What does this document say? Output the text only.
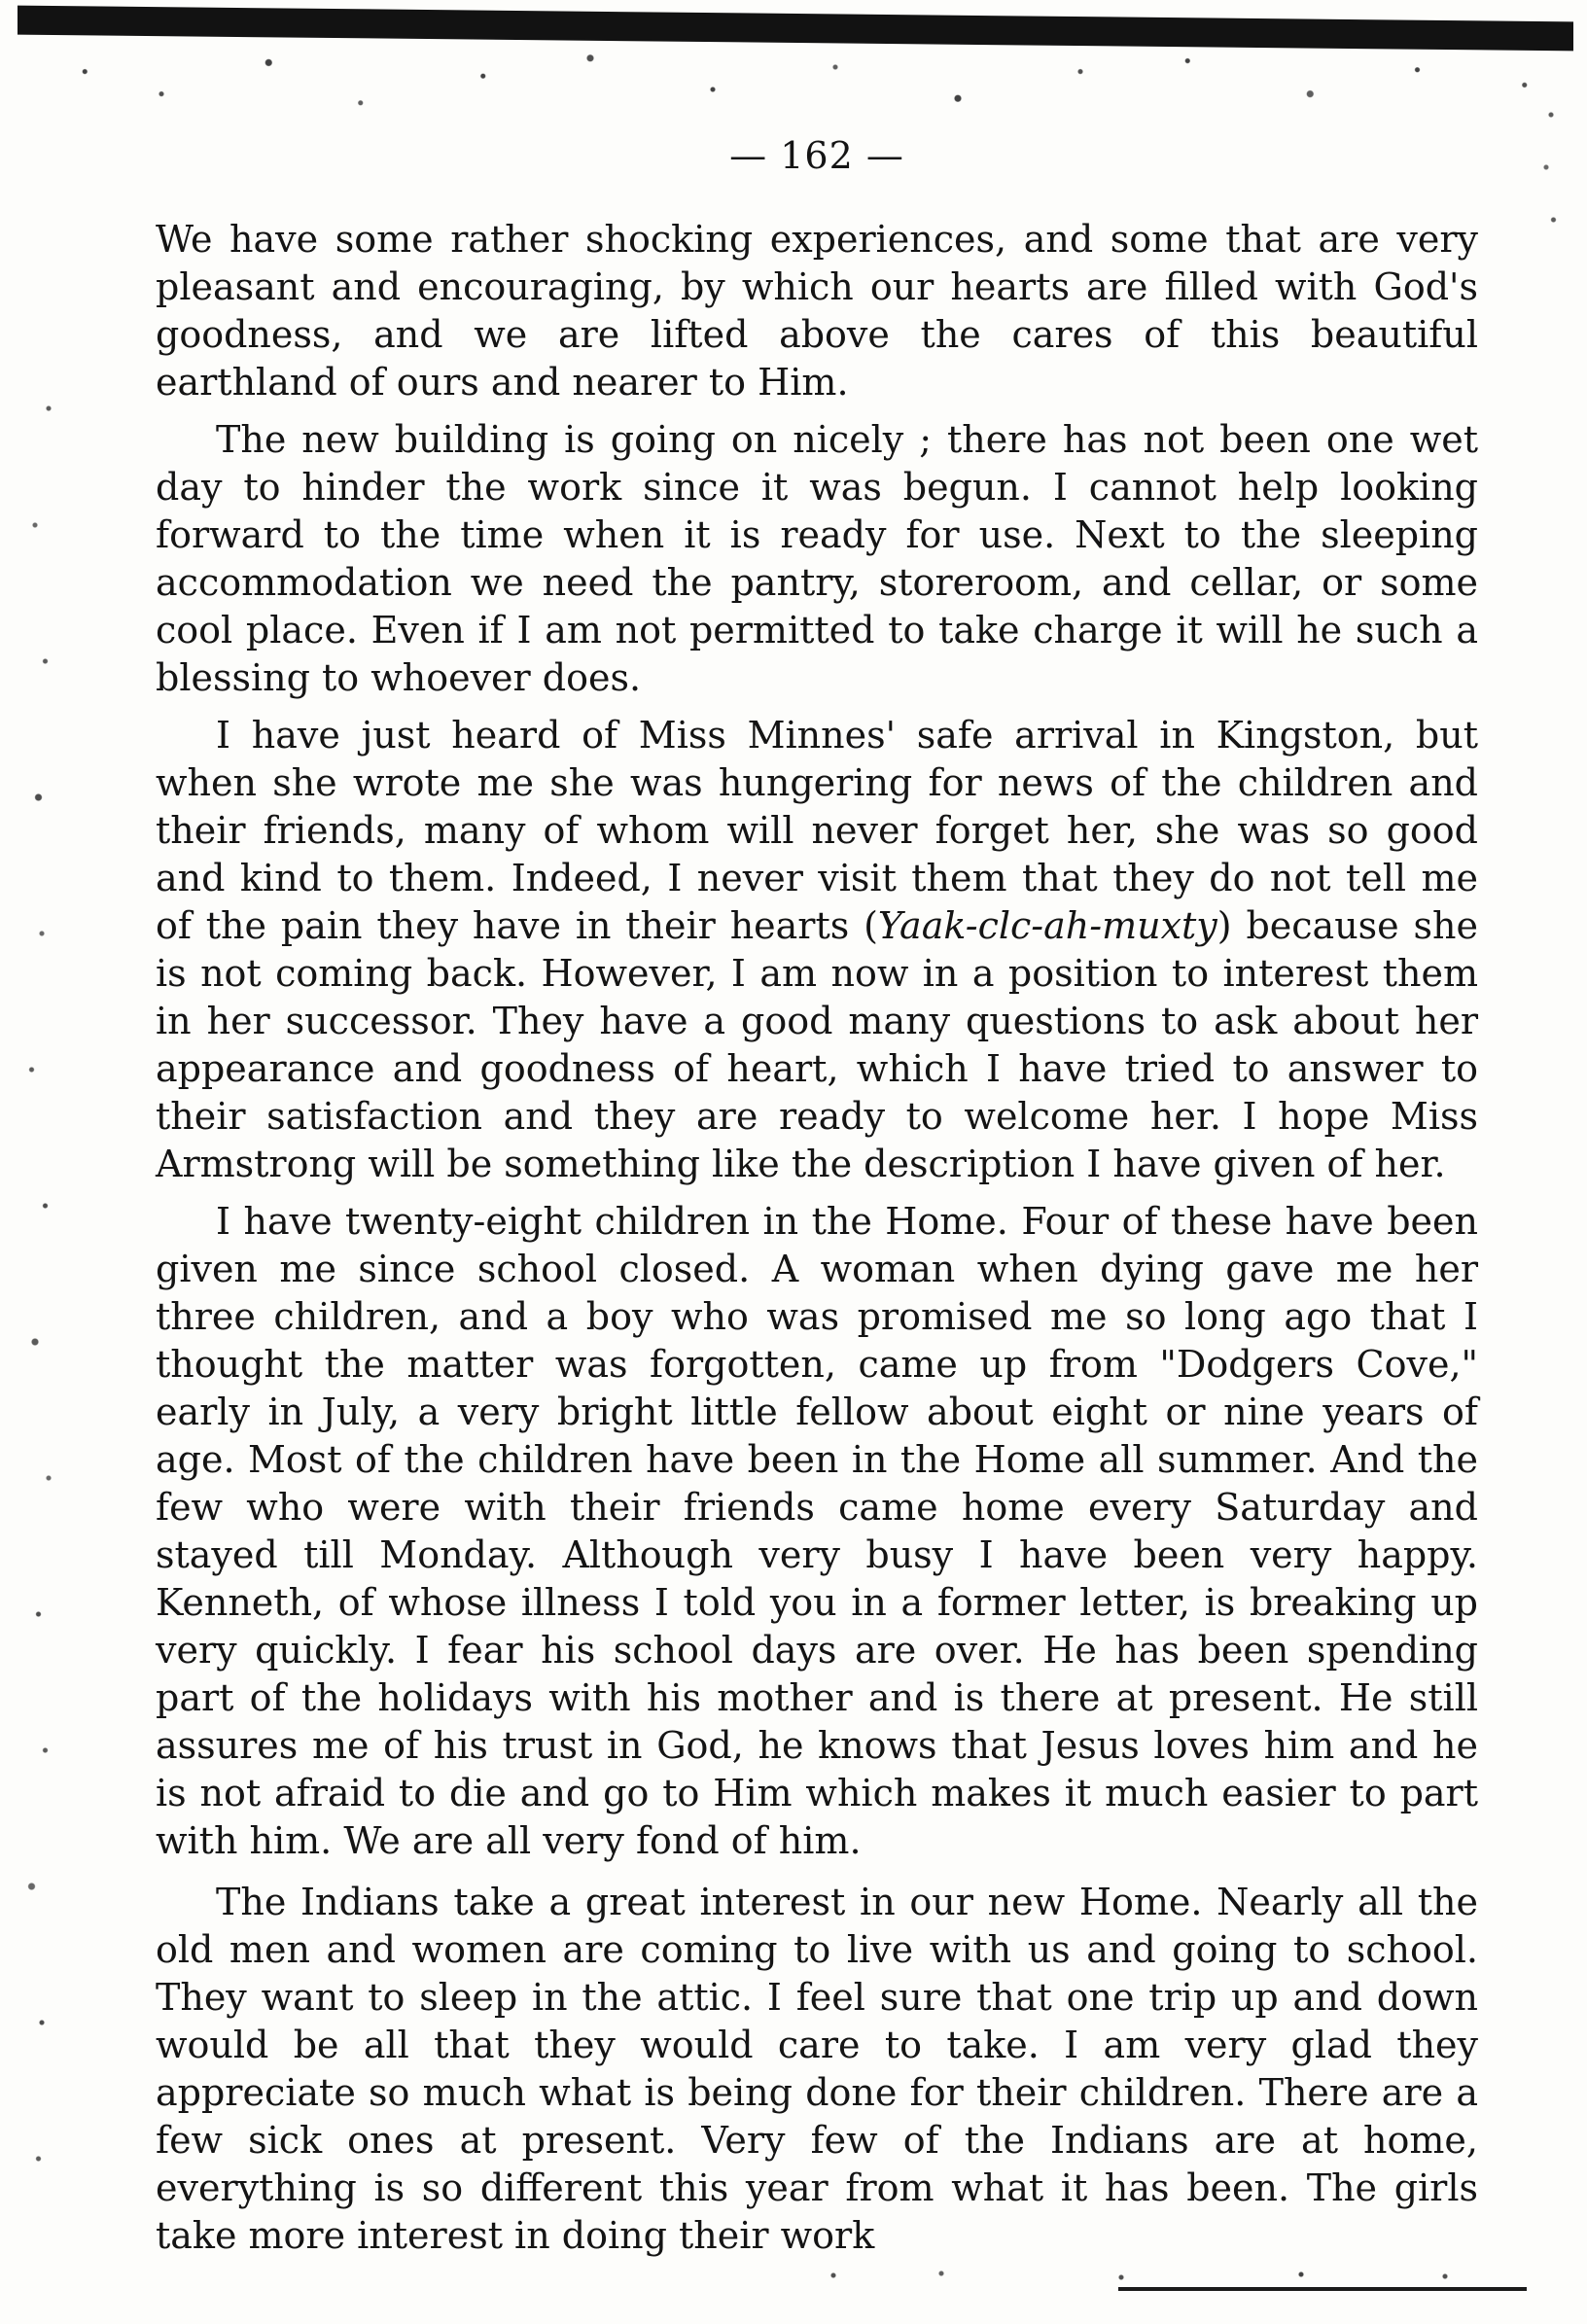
— 162 —

We have some rather shocking experiences, and some that are very pleasant and encouraging, by which our hearts are filled with God's goodness, and we are lifted above the cares of this beautiful earthland of ours and nearer to Him.

The new building is going on nicely ; there has not been one wet day to hinder the work since it was begun. I cannot help looking forward to the time when it is ready for use. Next to the sleeping accommodation we need the pantry, storeroom, and cellar, or some cool place. Even if I am not permitted to take charge it will he such a blessing to whoever does.

I have just heard of Miss Minnes' safe arrival in Kingston, but when she wrote me she was hungering for news of the children and their friends, many of whom will never forget her, she was so good and kind to them. Indeed, I never visit them that they do not tell me of the pain they have in their hearts (Yaak-clc-ah-muxty) because she is not coming back. However, I am now in a position to interest them in her successor. They have a good many questions to ask about her appearance and goodness of heart, which I have tried to answer to their satisfaction and they are ready to welcome her. I hope Miss Armstrong will be something like the description I have given of her.

I have twenty-eight children in the Home. Four of these have been given me since school closed. A woman when dying gave me her three children, and a boy who was promised me so long ago that I thought the matter was forgotten, came up from "Dodgers Cove," early in July, a very bright little fellow about eight or nine years of age. Most of the children have been in the Home all summer. And the few who were with their friends came home every Saturday and stayed till Monday. Although very busy I have been very happy. Kenneth, of whose illness I told you in a former letter, is breaking up very quickly. I fear his school days are over. He has been spending part of the holidays with his mother and is there at present. He still assures me of his trust in God, he knows that Jesus loves him and he is not afraid to die and go to Him which makes it much easier to part with him. We are all very fond of him.

The Indians take a great interest in our new Home. Nearly all the old men and women are coming to live with us and going to school. They want to sleep in the attic. I feel sure that one trip up and down would be all that they would care to take. I am very glad they appreciate so much what is being done for their children. There are a few sick ones at present. Very few of the Indians are at home, everything is so different this year from what it has been. The girls take more interest in doing their work
